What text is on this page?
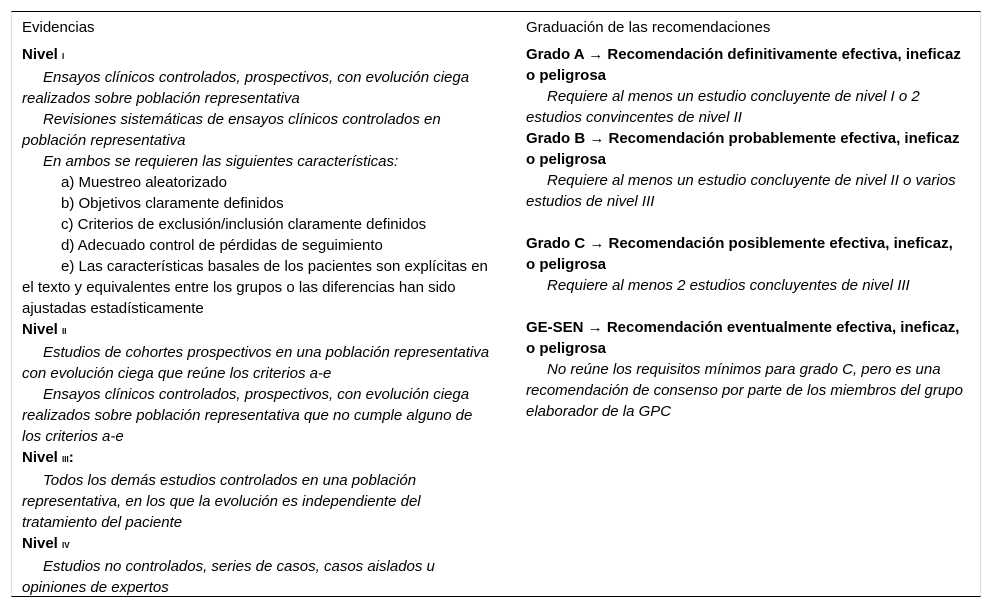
Evidencias
Nivel I
Ensayos clínicos controlados, prospectivos, con evolución ciega realizados sobre población representativa
Revisiones sistemáticas de ensayos clínicos controlados en población representativa
En ambos se requieren las siguientes características:
a) Muestreo aleatorizado
b) Objetivos claramente definidos
c) Criterios de exclusión/inclusión claramente definidos
d) Adecuado control de pérdidas de seguimiento
e) Las características basales de los pacientes son explícitas en el texto y equivalentes entre los grupos o las diferencias han sido ajustadas estadísticamente
Nivel II
Estudios de cohortes prospectivos en una población representativa con evolución ciega que reúne los criterios a-e
Ensayos clínicos controlados, prospectivos, con evolución ciega realizados sobre población representativa que no cumple alguno de los criterios a-e
Nivel III:
Todos los demás estudios controlados en una población representativa, en los que la evolución es independiente del tratamiento del paciente
Nivel IV
Estudios no controlados, series de casos, casos aislados u opiniones de expertos
Graduación de las recomendaciones
Grado A → Recomendación definitivamente efectiva, ineficaz o peligrosa
Requiere al menos un estudio concluyente de nivel I o 2 estudios convincentes de nivel II
Grado B → Recomendación probablemente efectiva, ineficaz o peligrosa
Requiere al menos un estudio concluyente de nivel II o varios estudios de nivel III
Grado C → Recomendación posiblemente efectiva, ineficaz, o peligrosa
Requiere al menos 2 estudios concluyentes de nivel III
GE-SEN → Recomendación eventualmente efectiva, ineficaz, o peligrosa
No reúne los requisitos mínimos para grado C, pero es una recomendación de consenso por parte de los miembros del grupo elaborador de la GPC
